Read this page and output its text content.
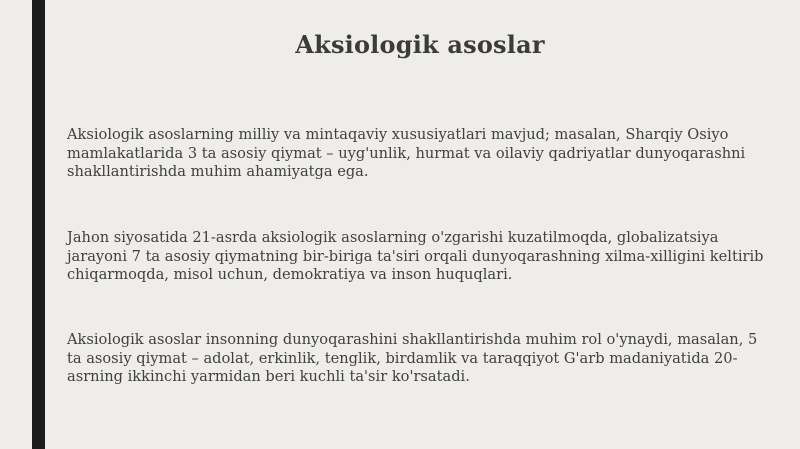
Aksiologik asoslar

Aksiologik asoslarning milliy va mintaqaviy xususiyatlari mavjud; masalan, Sharqiy Osiyo mamlakatlarida 3 ta asosiy qiymat – uyg'unlik, hurmat va oilaviy qadriyatlar dunyoqarashni shakllantirishda muhim ahamiyatga ega.

Jahon siyosatida 21-asrda aksiologik asoslarning o'zgarishi kuzatilmoqda, globalizatsiya jarayoni 7 ta asosiy qiymatning bir-biriga ta'siri orqali dunyoqarashning xilma-xilligini keltirib chiqarmoqda, misol uchun, demokratiya va inson huquqlari.

Aksiologik asoslar insonning dunyoqarashini shakllantirishda muhim rol o'ynaydi, masalan, 5 ta asosiy qiymat – adolat, erkinlik, tenglik, birdamlik va taraqqiyot G'arb madaniyatida 20-asrning ikkinchi yarmidan beri kuchli ta'sir ko'rsatadi.
